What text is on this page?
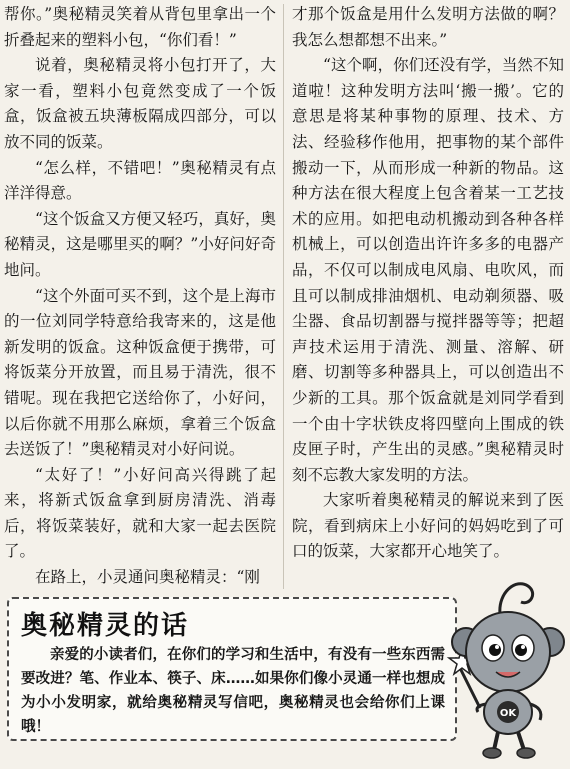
帮你。”奥秘精灵笑着从背包里拿出一个折叠起来的塑料小包，“你们看！”

说着，奥秘精灵将小包打开了，大家一看，塑料小包竟然变成了一个饭盒，饭盒被五块薄板隔成四部分，可以放不同的饭菜。

“怎么样，不错吧！”奥秘精灵有点洋洋得意。

“这个饭盒又方便又轻巧，真好，奥秘精灵，这是哪里买的啊？”小好问好奇地问。

“这个外面可买不到，这个是上海市的一位刘同学特意给我寄来的，这是他新发明的饭盒。这种饭盒便于携带，可将饭菜分开放置，而且易于清洗，很不错呢。现在我把它送给你了，小好问，以后你就不用那么麻烦，拿着三个饭盒去送饭了！”奥秘精灵对小好问说。

“太好了！”小好问高兴得跳了起来，将新式饭盒拿到厨房清洗、消毒后，将饭菜装好，就和大家一起去医院了。

在路上，小灵通问奥秘精灵：“刚

才那个饭盒是用什么发明方法做的啊？我怎么想都想不出来。”

“这个啊，你们还没有学，当然不知道啦！这种发明方法叫‘搬一搬’。它的意思是将某种事物的原理、技术、方法、经验移作他用，把事物的某个部件搬动一下，从而形成一种新的物品。这种方法在很大程度上包含着某一工艺技术的应用。如把电动机搬动到各种各样机械上，可以创造出许许多多的电器产品，不仅可以制成电风扇、电吹风，而且可以制成排油烟机、电动剃须器、吸尘器、食品切割器与搅拌器等等；把超声技术运用于清洗、测量、溶解、研磨、切割等多种器具上，可以创造出不少新的工具。那个饭盒就是刘同学看到一个由十字状铁皮将四壁向上围成的铁皮匣子时，产生出的灵感。”奥秘精灵时刻不忘教大家发明的方法。

大家听着奥秘精灵的解说来到了医院，看到病床上小好问的妈妈吃到了可口的饭菜，大家都开心地笑了。

奥秘精灵的话
亲爱的小读者们，在你们的学习和生活中，有没有一些东西需要改进？笔、作业本、筷子、床……如果你们像小灵通一样也想成为小小发明家，就给奥秘精灵写信吧，奥秘精灵也会给你们上课哦！
OK
